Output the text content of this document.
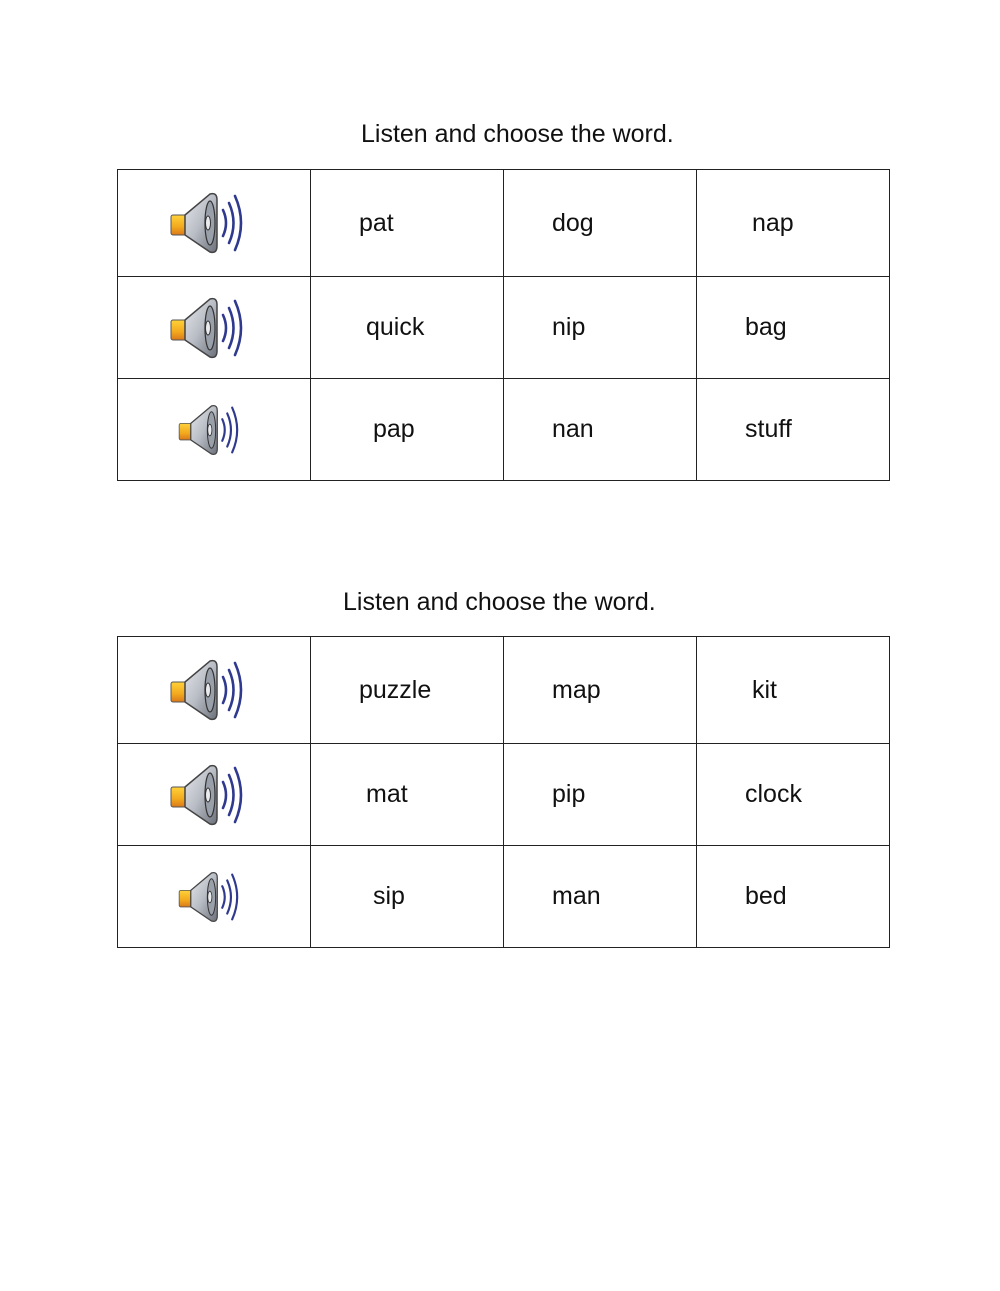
Listen and choose the word.
	pat	dog	nap

	quick	nip	bag

	pap	nan	stuff
Listen and choose the word.
	puzzle	map	kit

	mat	pip	clock

	sip	man	bed
